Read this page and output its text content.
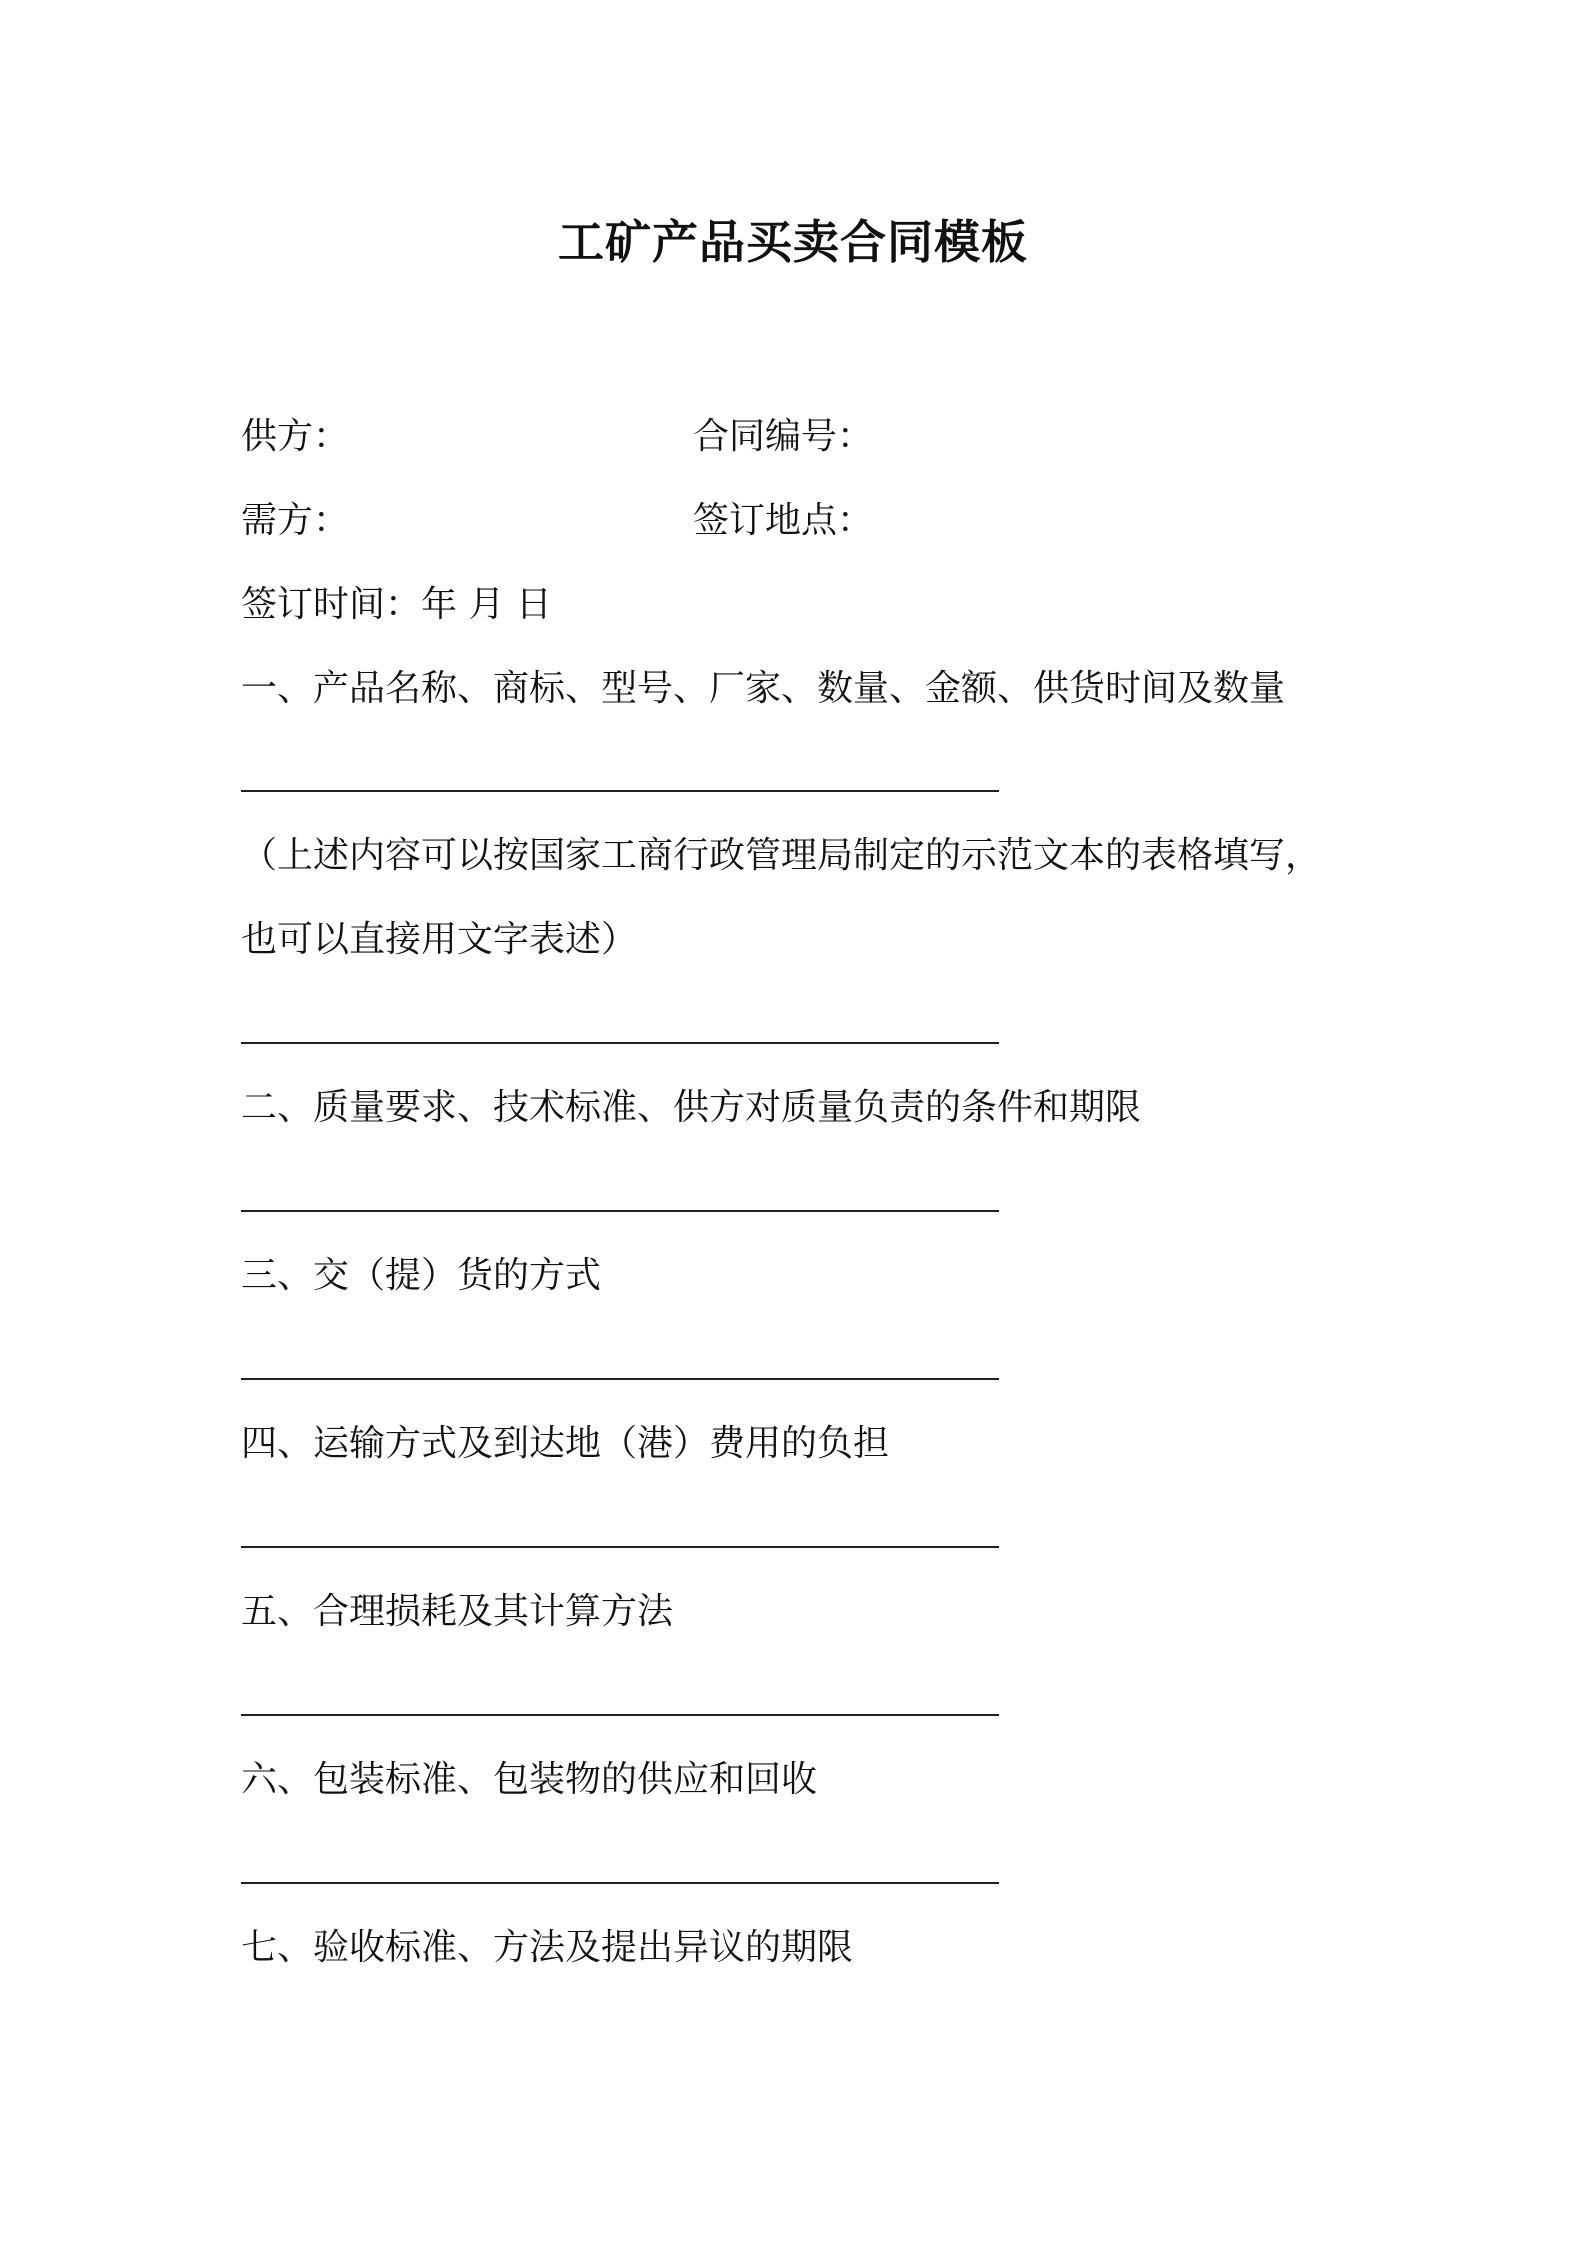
工矿产品买卖合同模板
供方：	合同编号：
需方：	签订地点：
签订时间：年 月 日
一、产品名称、商标、型号、厂家、数量、金额、供货时间及数量
（上述内容可以按国家工商行政管理局制定的示范文本的表格填写，
也可以直接用文字表述）
二、质量要求、技术标准、供方对质量负责的条件和期限
三、交（提）货的方式
四、运输方式及到达地（港）费用的负担
五、合理损耗及其计算方法
六、包装标准、包装物的供应和回收
七、验收标准、方法及提出异议的期限
